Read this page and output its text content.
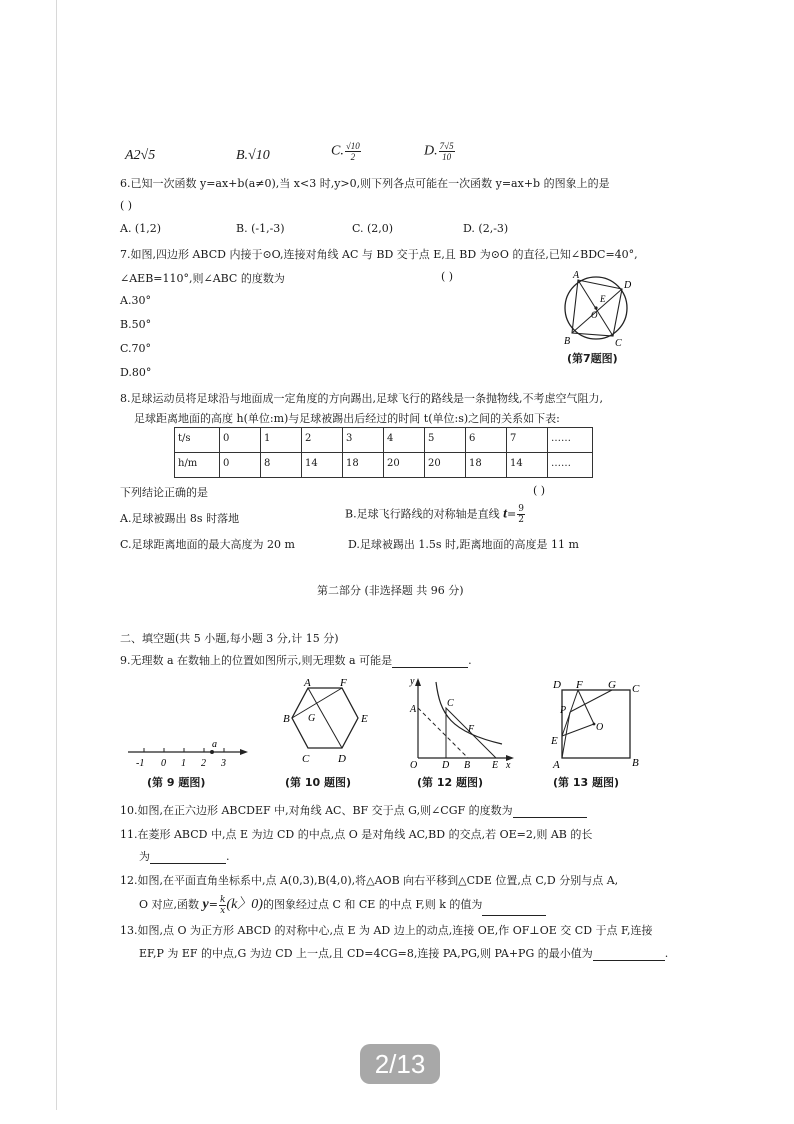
A2√5	B.√10	C. $\frac{√10}{2}$	D. $\frac{7√5}{10}$
6.已知一次函数 y=ax+b(a≠0),当 x<3 时,y>0,则下列各点可能在一次函数 y=ax+b 的图象上的是
( )
A. (1,2)	B. (-1,-3)	C. (2,0)	D. (2,-3)
7.如图,四边形 ABCD 内接于⊙O,连接对角线 AC 与 BD 交于点 E,且 BD 为⊙O 的直径,已知∠BDC=40°,
∠AEB=110°,则∠ABC 的度数为	( )
A.30°
B.50°
C.70°
D.80°
A
D
E
O
B	C
(第7题图)
8.足球运动员将足球沿与地面成一定角度的方向踢出,足球飞行的路线是一条抛物线,不考虑空气阻力,
足球距离地面的高度 h(单位:m)与足球被踢出后经过的时间 t(单位:s)之间的关系如下表:
t/s	0	1	2	3	4	5	6	7	……
h/m	0	8	14	18	20	20	18	14	……
下列结论正确的是	( )
A.足球被踢出 8s 时落地	B.足球飞行路线的对称轴是直线 $t= \frac{9}{2}$
C.足球距离地面的最大高度为 20 m	D.足球被踢出 1.5s 时,距离地面的高度是 11 m
第二部分 (非选择题 共 96 分)
二、填空题(共 5 小题,每小题 3 分,计 15 分)
9.无理数 a 在数轴上的位置如图所示,则无理数 a 可能是	.
a
-1 0 1 2 3
(第 9 题图)
A	F
B	E
G
C	D
(第 10 题图)
y
x
A
O
C
F
D B E
(第 12 题图)
D F G C
P
O
E
A	B
(第 13 题图)
10.如图,在正六边形 ABCDEF 中,对角线 AC、BF 交于点 G,则∠CGF 的度数为
11.在菱形 ABCD 中,点 E 为边 CD 的中点,点 O 是对角线 AC,BD 的交点,若 OE=2,则 AB 的长
为	.
12.如图,在平面直角坐标系中,点 A(0,3),B(4,0),将△AOB 向右平移到△CDE 位置,点 C,D 分别与点 A,
O 对应,函数 $y= \frac{k}{x} (k$〉0)的图象经过点 C 和 CE 的中点 F,则 k 的值为
13.如图,点 O 为正方形 ABCD 的对称中心,点 E 为 AD 边上的动点,连接 OE,作 OF⊥OE 交 CD 于点 F,连接
EF,P 为 EF 的中点,G 为边 CD 上一点,且 CD=4CG=8,连接 PA,PG,则 PA+PG 的最小值为	.
2/13
